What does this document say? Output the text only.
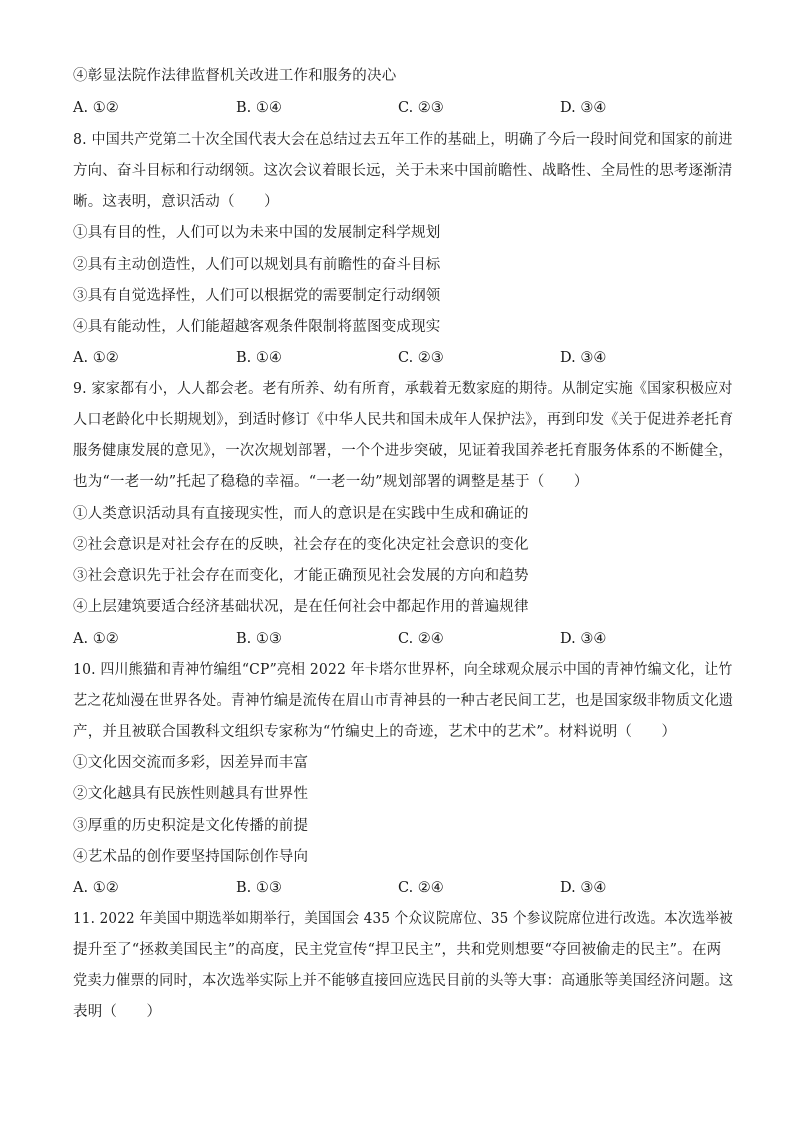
④彰显法院作法律监督机关改进工作和服务的决心
A. ①②	B. ①④	C. ②③	D. ③④
8. 中国共产党第二十次全国代表大会在总结过去五年工作的基础上，明确了今后一段时间党和国家的前进
方向、奋斗目标和行动纲领。这次会议着眼长远，关于未来中国前瞻性、战略性、全局性的思考逐渐清
晰。这表明，意识活动（　　）
①具有目的性，人们可以为未来中国的发展制定科学规划
②具有主动创造性，人们可以规划具有前瞻性的奋斗目标
③具有自觉选择性，人们可以根据党的需要制定行动纲领
④具有能动性，人们能超越客观条件限制将蓝图变成现实
A. ①②	B. ①④	C. ②③	D. ③④
9. 家家都有小，人人都会老。老有所养、幼有所育，承载着无数家庭的期待。从制定实施《国家积极应对
人口老龄化中长期规划》，到适时修订《中华人民共和国未成年人保护法》，再到印发《关于促进养老托育
服务健康发展的意见》，一次次规划部署，一个个进步突破，见证着我国养老托育服务体系的不断健全，
也为“一老一幼”托起了稳稳的幸福。“一老一幼”规划部署的调整是基于（　　）
①人类意识活动具有直接现实性，而人的意识是在实践中生成和确证的
②社会意识是对社会存在的反映，社会存在的变化决定社会意识的变化
③社会意识先于社会存在而变化，才能正确预见社会发展的方向和趋势
④上层建筑要适合经济基础状况，是在任何社会中都起作用的普遍规律
A. ①②	B. ①③	C. ②④	D. ③④
10. 四川熊猫和青神竹编组“CP”亮相 2022 年卡塔尔世界杯，向全球观众展示中国的青神竹编文化，让竹
艺之花灿漫在世界各处。青神竹编是流传在眉山市青神县的一种古老民间工艺，也是国家级非物质文化遗
产，并且被联合国教科文组织专家称为“竹编史上的奇迹，艺术中的艺术”。材料说明（　　）
①文化因交流而多彩，因差异而丰富
②文化越具有民族性则越具有世界性
③厚重的历史积淀是文化传播的前提
④艺术品的创作要坚持国际创作导向
A. ①②	B. ①③	C. ②④	D. ③④
11. 2022 年美国中期选举如期举行，美国国会 435 个众议院席位、35 个参议院席位进行改选。本次选举被
提升至了“拯救美国民主”的高度，民主党宣传“捍卫民主”，共和党则想要“夺回被偷走的民主”。在两
党卖力催票的同时，本次选举实际上并不能够直接回应选民目前的头等大事：高通胀等美国经济问题。这
表明（　　）
